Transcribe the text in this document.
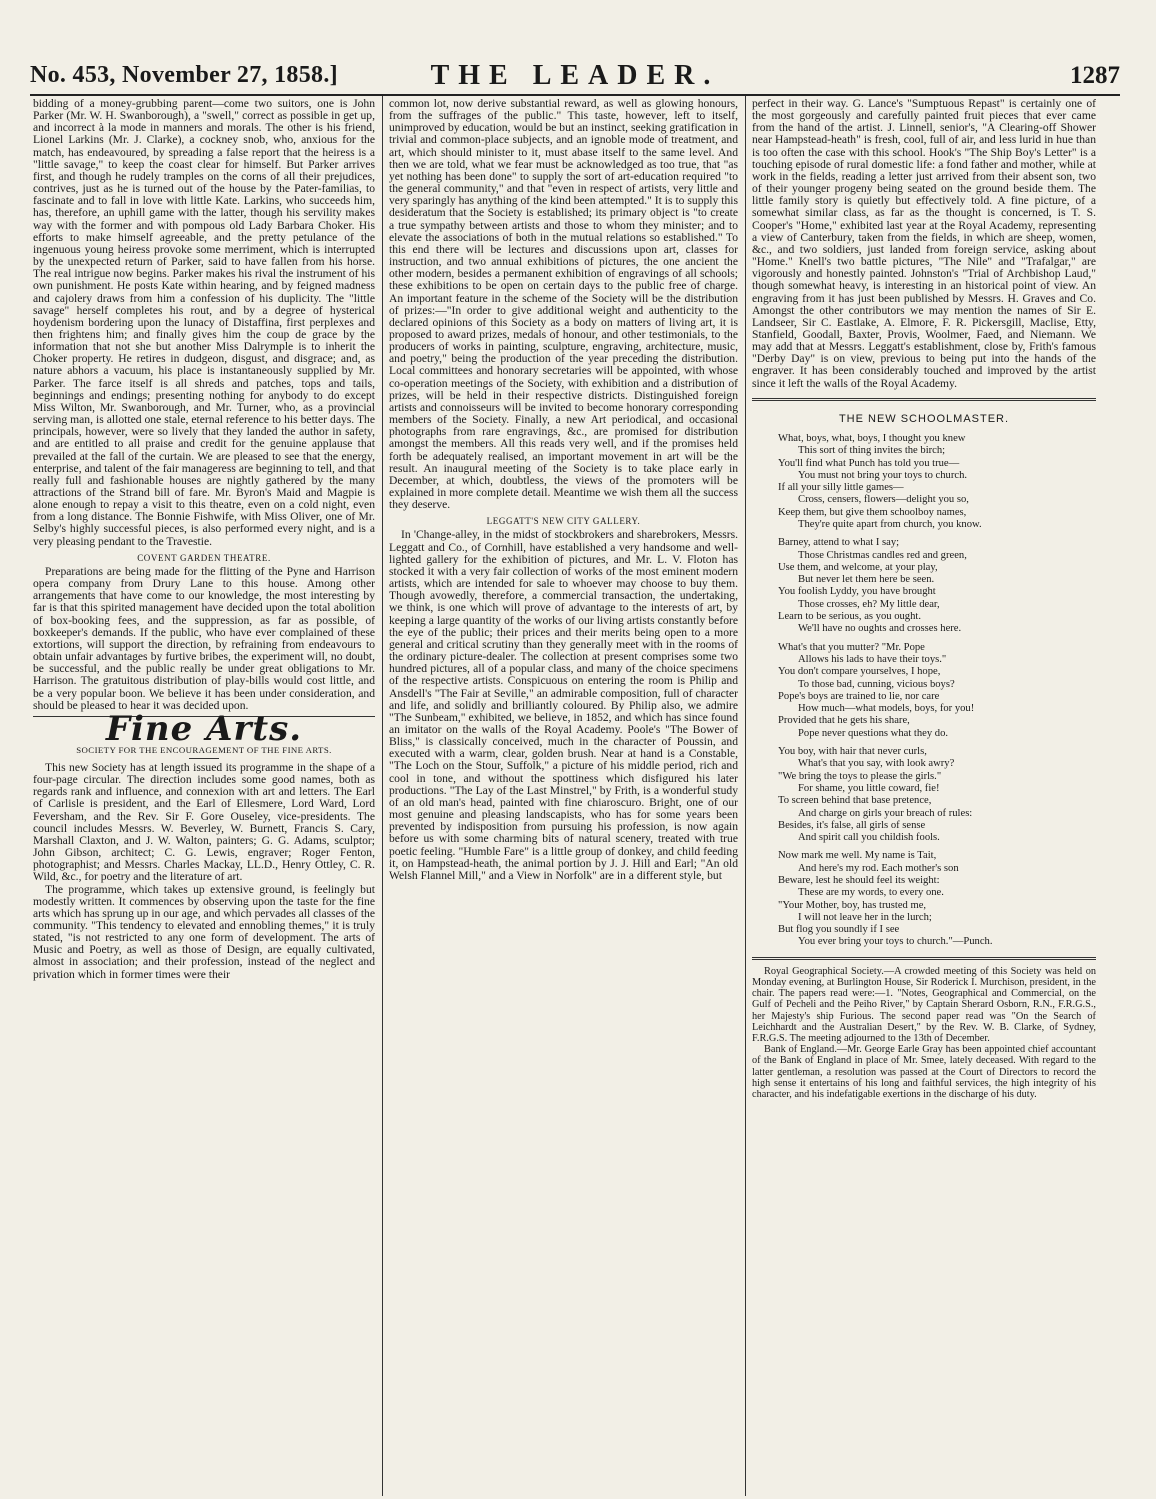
No. 453, November 27, 1858.]	THE LEADER.	1287

bidding of a money-grubbing parent—come two suitors, one is John Parker (Mr. W. H. Swanborough), a "swell," correct as possible in get up, and incorrect à la mode in manners and morals. The other is his friend, Lionel Larkins (Mr. J. Clarke), a cockney snob, who, anxious for the match, has endeavoured, by spreading a false report that the heiress is a "little savage," to keep the coast clear for himself. But Parker arrives first, and though he rudely tramples on the corns of all their prejudices, contrives, just as he is turned out of the house by the Pater-familias, to fascinate and to fall in love with little Kate. Larkins, who succeeds him, has, therefore, an uphill game with the latter, though his servility makes way with the former and with pompous old Lady Barbara Choker. His efforts to make himself agreeable, and the pretty petulance of the ingenuous young heiress provoke some merriment, which is interrupted by the unexpected return of Parker, said to have fallen from his horse. The real intrigue now begins. Parker makes his rival the instrument of his own punishment. He posts Kate within hearing, and by feigned madness and cajolery draws from him a confession of his duplicity. The "little savage" herself completes his rout, and by a degree of hysterical hoydenism bordering upon the lunacy of Distaffina, first perplexes and then frightens him; and finally gives him the coup de grace by the information that not she but another Miss Dalrymple is to inherit the Choker property. He retires in dudgeon, disgust, and disgrace; and, as nature abhors a vacuum, his place is instantaneously supplied by Mr. Parker. The farce itself is all shreds and patches, tops and tails, beginnings and endings; presenting nothing for anybody to do except Miss Wilton, Mr. Swanborough, and Mr. Turner, who, as a provincial serving man, is allotted one stale, eternal reference to his better days. The principals, however, were so lively that they landed the author in safety, and are entitled to all praise and credit for the genuine applause that prevailed at the fall of the curtain. We are pleased to see that the energy, enterprise, and talent of the fair manageress are beginning to tell, and that really full and fashionable houses are nightly gathered by the many attractions of the Strand bill of fare. Mr. Byron's Maid and Magpie is alone enough to repay a visit to this theatre, even on a cold night, even from a long distance. The Bonnie Fishwife, with Miss Oliver, one of Mr. Selby's highly successful pieces, is also performed every night, and is a very pleasing pendant to the Travestie.

COVENT GARDEN THEATRE.

Preparations are being made for the flitting of the Pyne and Harrison opera company from Drury Lane to this house. Among other arrangements that have come to our knowledge, the most interesting by far is that this spirited management have decided upon the total abolition of box-booking fees, and the suppression, as far as possible, of boxkeeper's demands. If the public, who have ever complained of these extortions, will support the direction, by refraining from endeavours to obtain unfair advantages by furtive bribes, the experiment will, no doubt, be successful, and the public really be under great obligations to Mr. Harrison. The gratuitous distribution of play-bills would cost little, and be a very popular boon. We believe it has been under consideration, and should be pleased to hear it was decided upon.

Fine Arts.
SOCIETY FOR THE ENCOURAGEMENT OF THE FINE ARTS.

This new Society has at length issued its programme in the shape of a four-page circular. The direction includes some good names, both as regards rank and influence, and connexion with art and letters. The Earl of Carlisle is president, and the Earl of Ellesmere, Lord Ward, Lord Feversham, and the Rev. Sir F. Gore Ouseley, vice-presidents. The council includes Messrs. W. Beverley, W. Burnett, Francis S. Cary, Marshall Claxton, and J. W. Walton, painters; G. G. Adams, sculptor; John Gibson, architect; C. G. Lewis, engraver; Roger Fenton, photographist; and Messrs. Charles Mackay, LL.D., Henry Ottley, C. R. Wild, &c., for poetry and the literature of art.

The programme, which takes up extensive ground, is feelingly but modestly written. It commences by observing upon the taste for the fine arts which has sprung up in our age, and which pervades all classes of the community. "This tendency to elevated and ennobling themes," it is truly stated, "is not restricted to any one form of development. The arts of Music and Poetry, as well as those of Design, are equally cultivated, almost in association; and their profession, instead of the neglect and privation which in former times were their

common lot, now derive substantial reward, as well as glowing honours, from the suffrages of the public." This taste, however, left to itself, unimproved by education, would be but an instinct, seeking gratification in trivial and common-place subjects, and an ignoble mode of treatment, and art, which should minister to it, must abase itself to the same level. And then we are told, what we fear must be acknowledged as too true, that "as yet nothing has been done" to supply the sort of art-education required "to the general community," and that "even in respect of artists, very little and very sparingly has anything of the kind been attempted." It is to supply this desideratum that the Society is established; its primary object is "to create a true sympathy between artists and those to whom they minister; and to elevate the associations of both in the mutual relations so established." To this end there will be lectures and discussions upon art, classes for instruction, and two annual exhibitions of pictures, the one ancient the other modern, besides a permanent exhibition of engravings of all schools; these exhibitions to be open on certain days to the public free of charge. An important feature in the scheme of the Society will be the distribution of prizes:—"In order to give additional weight and authenticity to the declared opinions of this Society as a body on matters of living art, it is proposed to award prizes, medals of honour, and other testimonials, to the producers of works in painting, sculpture, engraving, architecture, music, and poetry," being the production of the year preceding the distribution. Local committees and honorary secretaries will be appointed, with whose co-operation meetings of the Society, with exhibition and a distribution of prizes, will be held in their respective districts. Distinguished foreign artists and connoisseurs will be invited to become honorary corresponding members of the Society. Finally, a new Art periodical, and occasional photographs from rare engravings, &c., are promised for distribution amongst the members. All this reads very well, and if the promises held forth be adequately realised, an important movement in art will be the result. An inaugural meeting of the Society is to take place early in December, at which, doubtless, the views of the promoters will be explained in more complete detail. Meantime we wish them all the success they deserve.

LEGGATT'S NEW CITY GALLERY.

In 'Change-alley, in the midst of stockbrokers and sharebrokers, Messrs. Leggatt and Co., of Cornhill, have established a very handsome and well-lighted gallery for the exhibition of pictures, and Mr. L. V. Floton has stocked it with a very fair collection of works of the most eminent modern artists, which are intended for sale to whoever may choose to buy them. Though avowedly, therefore, a commercial transaction, the undertaking, we think, is one which will prove of advantage to the interests of art, by keeping a large quantity of the works of our living artists constantly before the eye of the public; their prices and their merits being open to a more general and critical scrutiny than they generally meet with in the rooms of the ordinary picture-dealer. The collection at present comprises some two hundred pictures, all of a popular class, and many of the choice specimens of the respective artists. Conspicuous on entering the room is Philip and Ansdell's "The Fair at Seville," an admirable composition, full of character and life, and solidly and brilliantly coloured. By Philip also, we admire "The Sunbeam," exhibited, we believe, in 1852, and which has since found an imitator on the walls of the Royal Academy. Poole's "The Bower of Bliss," is classically conceived, much in the character of Poussin, and executed with a warm, clear, golden brush. Near at hand is a Constable, "The Loch on the Stour, Suffolk," a picture of his middle period, rich and cool in tone, and without the spottiness which disfigured his later productions. "The Lay of the Last Minstrel," by Frith, is a wonderful study of an old man's head, painted with fine chiaroscuro. Bright, one of our most genuine and pleasing landscapists, who has for some years been prevented by indisposition from pursuing his profession, is now again before us with some charming bits of natural scenery, treated with true poetic feeling. "Humble Fare" is a little group of donkey, and child feeding it, on Hampstead-heath, the animal portion by J. J. Hill and Earl; "An old Welsh Flannel Mill," and a View in Norfolk" are in a different style, but

perfect in their way. G. Lance's "Sumptuous Repast" is certainly one of the most gorgeously and carefully painted fruit pieces that ever came from the hand of the artist. J. Linnell, senior's, "A Clearing-off Shower near Hampstead-heath" is fresh, cool, full of air, and less lurid in hue than is too often the case with this school. Hook's "The Ship Boy's Letter" is a touching episode of rural domestic life: a fond father and mother, while at work in the fields, reading a letter just arrived from their absent son, two of their younger progeny being seated on the ground beside them. The little family story is quietly but effectively told. A fine picture, of a somewhat similar class, as far as the thought is concerned, is T. S. Cooper's "Home," exhibited last year at the Royal Academy, representing a view of Canterbury, taken from the fields, in which are sheep, women, &c., and two soldiers, just landed from foreign service, asking about "Home." Knell's two battle pictures, "The Nile" and "Trafalgar," are vigorously and honestly painted. Johnston's "Trial of Archbishop Laud," though somewhat heavy, is interesting in an historical point of view. An engraving from it has just been published by Messrs. H. Graves and Co. Amongst the other contributors we may mention the names of Sir E. Landseer, Sir C. Eastlake, A. Elmore, F. R. Pickersgill, Maclise, Etty, Stanfield, Goodall, Baxter, Provis, Woolmer, Faed, and Niemann. We may add that at Messrs. Leggatt's establishment, close by, Frith's famous "Derby Day" is on view, previous to being put into the hands of the engraver. It has been considerably touched and improved by the artist since it left the walls of the Royal Academy.

THE NEW SCHOOLMASTER.
What, boys, what, boys, I thought you knew
This sort of thing invites the birch;
You'll find what Punch has told you true—
You must not bring your toys to church.
If all your silly little games—
Cross, censers, flowers—delight you so,
Keep them, but give them schoolboy names,
They're quite apart from church, you know.
Barney, attend to what I say;
Those Christmas candles red and green,
Use them, and welcome, at your play,
But never let them here be seen.
You foolish Lyddy, you have brought
Those crosses, eh? My little dear,
Learn to be serious, as you ought.
We'll have no oughts and crosses here.
What's that you mutter? "Mr. Pope
Allows his lads to have their toys."
You don't compare yourselves, I hope,
To those bad, cunning, vicious boys?
Pope's boys are trained to lie, nor care
How much—what models, boys, for you!
Provided that he gets his share,
Pope never questions what they do.
You boy, with hair that never curls,
What's that you say, with look awry?
"We bring the toys to please the girls."
For shame, you little coward, fie!
To screen behind that base pretence,
And charge on girls your breach of rules:
Besides, it's false, all girls of sense
And spirit call you childish fools.
Now mark me well. My name is Tait,
And here's my rod. Each mother's son
Beware, lest he should feel its weight:
These are my words, to every one.
"Your Mother, boy, has trusted me,
I will not leave her in the lurch;
But flog you soundly if I see
You ever bring your toys to church."—Punch.

Royal Geographical Society.—A crowded meeting of this Society was held on Monday evening, at Burlington House, Sir Roderick I. Murchison, president, in the chair. The papers read were:—1. "Notes, Geographical and Commercial, on the Gulf of Pecheli and the Peiho River," by Captain Sherard Osborn, R.N., F.R.G.S., her Majesty's ship Furious. The second paper read was "On the Search of Leichhardt and the Australian Desert," by the Rev. W. B. Clarke, of Sydney, F.R.G.S. The meeting adjourned to the 13th of December.

Bank of England.—Mr. George Earle Gray has been appointed chief accountant of the Bank of England in place of Mr. Smee, lately deceased. With regard to the latter gentleman, a resolution was passed at the Court of Directors to record the high sense it entertains of his long and faithful services, the high integrity of his character, and his indefatigable exertions in the discharge of his duty.
